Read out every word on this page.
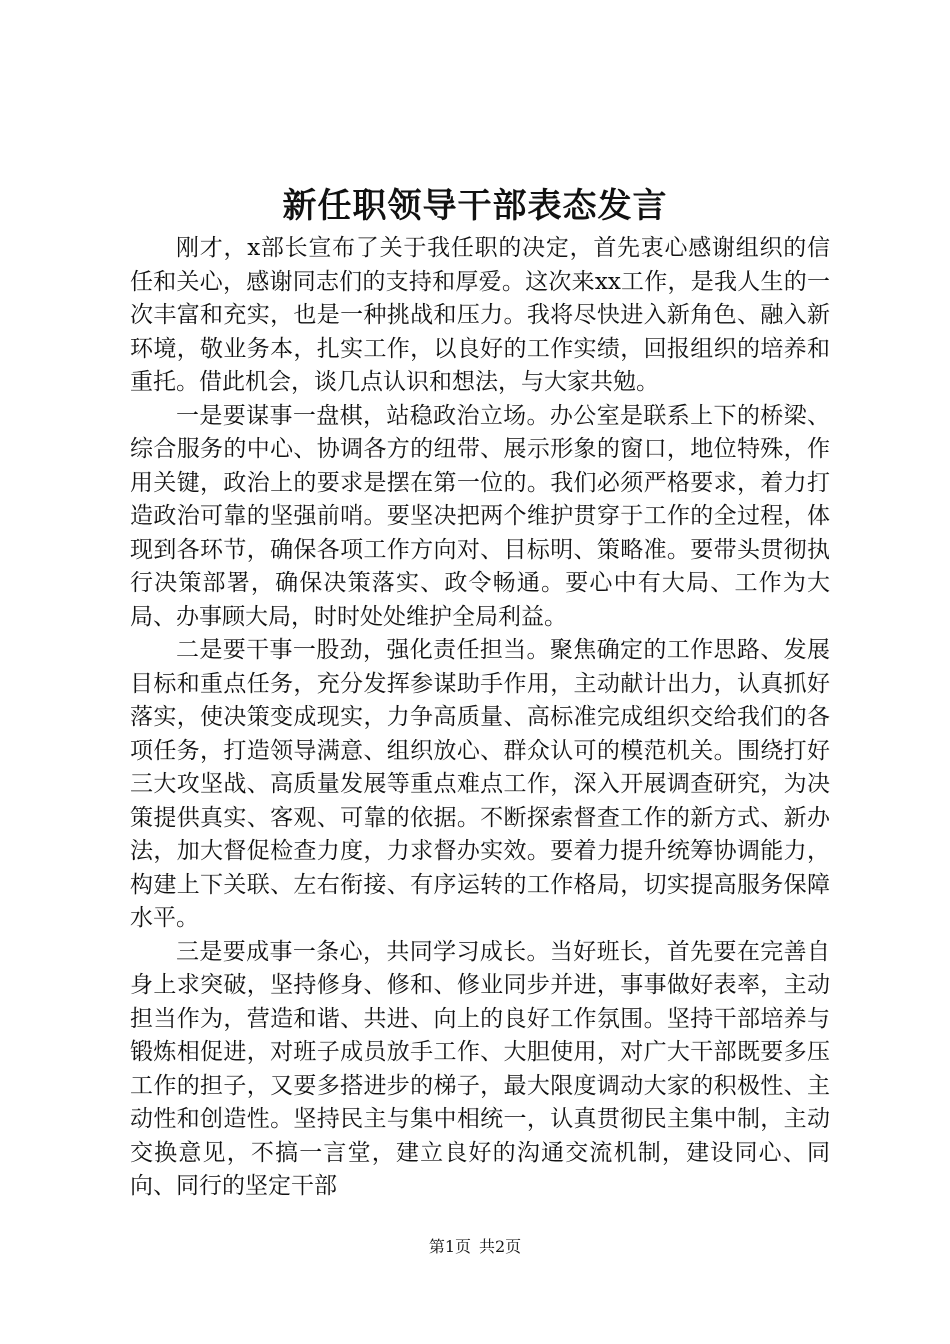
新任职领导干部表态发言

刚才，x部长宣布了关于我任职的决定，首先衷心感谢组织的信任和关心，感谢同志们的支持和厚爱。这次来xx工作，是我人生的一次丰富和充实，也是一种挑战和压力。我将尽快进入新角色、融入新环境，敬业务本，扎实工作，以良好的工作实绩，回报组织的培养和重托。借此机会，谈几点认识和想法，与大家共勉。

一是要谋事一盘棋，站稳政治立场。办公室是联系上下的桥梁、综合服务的中心、协调各方的纽带、展示形象的窗口，地位特殊，作用关键，政治上的要求是摆在第一位的。我们必须严格要求，着力打造政治可靠的坚强前哨。要坚决把两个维护贯穿于工作的全过程，体现到各环节，确保各项工作方向对、目标明、策略准。要带头贯彻执行决策部署，确保决策落实、政令畅通。要心中有大局、工作为大局、办事顾大局，时时处处维护全局利益。

二是要干事一股劲，强化责任担当。聚焦确定的工作思路、发展目标和重点任务，充分发挥参谋助手作用，主动献计出力，认真抓好落实，使决策变成现实，力争高质量、高标准完成组织交给我们的各项任务，打造领导满意、组织放心、群众认可的模范机关。围绕打好三大攻坚战、高质量发展等重点难点工作，深入开展调查研究，为决策提供真实、客观、可靠的依据。不断探索督查工作的新方式、新办法，加大督促检查力度，力求督办实效。要着力提升统筹协调能力，构建上下关联、左右衔接、有序运转的工作格局，切实提高服务保障水平。

三是要成事一条心，共同学习成长。当好班长，首先要在完善自身上求突破，坚持修身、修和、修业同步并进，事事做好表率，主动担当作为，营造和谐、共进、向上的良好工作氛围。坚持干部培养与锻炼相促进，对班子成员放手工作、大胆使用，对广大干部既要多压工作的担子，又要多搭进步的梯子，最大限度调动大家的积极性、主动性和创造性。坚持民主与集中相统一，认真贯彻民主集中制，主动交换意见，不搞一言堂，建立良好的沟通交流机制，建设同心、同向、同行的坚定干部

第1页 共2页
